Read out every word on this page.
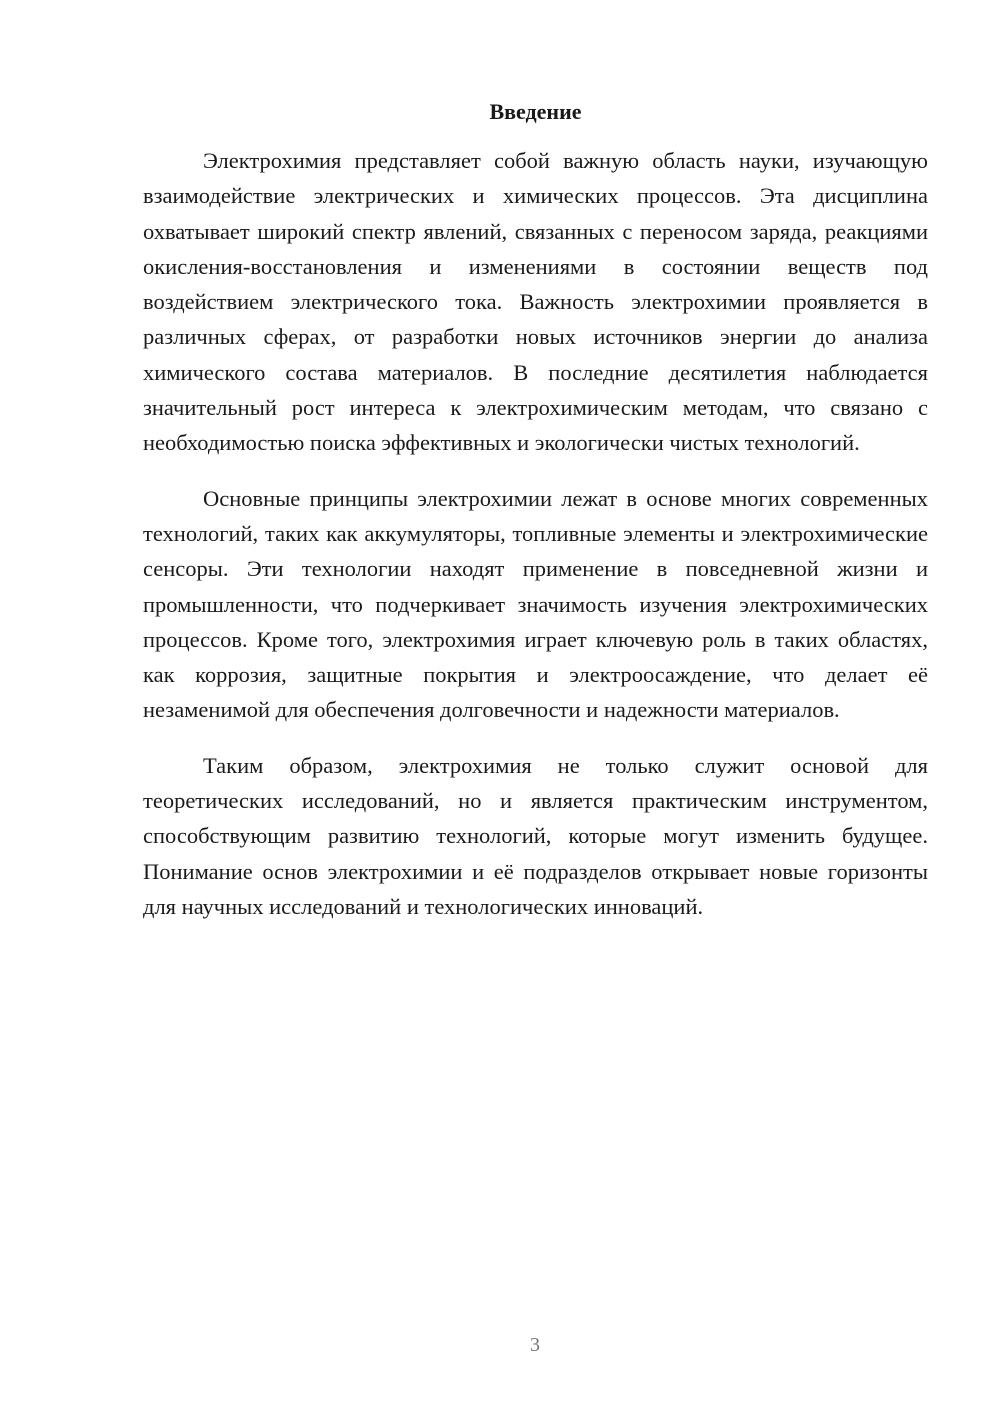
Введение

Электрохимия представляет собой важную область науки, изучающую взаимодействие электрических и химических процессов. Эта дисциплина охватывает широкий спектр явлений, связанных с переносом заряда, реакциями окисления-восстановления и изменениями в состоянии веществ под воздействием электрического тока. Важность электрохимии проявляется в различных сферах, от разработки новых источников энергии до анализа химического состава материалов. В последние десятилетия наблюдается значительный рост интереса к электрохимическим методам, что связано с необходимостью поиска эффективных и экологически чистых технологий.

Основные принципы электрохимии лежат в основе многих современных технологий, таких как аккумуляторы, топливные элементы и электрохимические сенсоры. Эти технологии находят применение в повседневной жизни и промышленности, что подчеркивает значимость изучения электрохимических процессов. Кроме того, электрохимия играет ключевую роль в таких областях, как коррозия, защитные покрытия и электроосаждение, что делает её незаменимой для обеспечения долговечности и надежности материалов.

Таким образом, электрохимия не только служит основой для теоретических исследований, но и является практическим инструментом, способствующим развитию технологий, которые могут изменить будущее. Понимание основ электрохимии и её подразделов открывает новые горизонты для научных исследований и технологических инноваций.

3
